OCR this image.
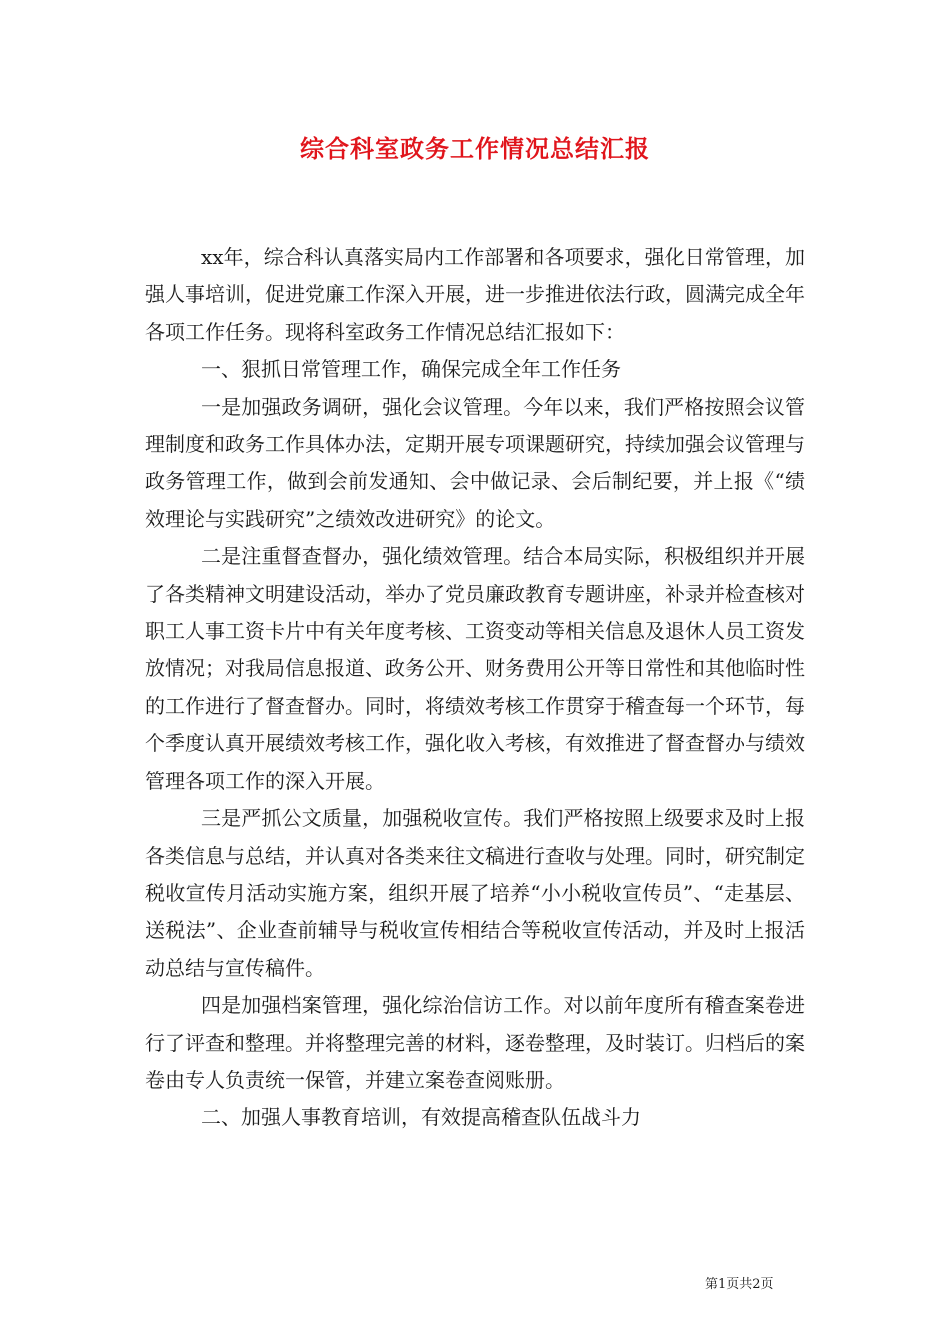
综合科室政务工作情况总结汇报

xx年，综合科认真落实局内工作部署和各项要求，强化日常管理，加强人事培训，促进党廉工作深入开展，进一步推进依法行政，圆满完成全年各项工作任务。现将科室政务工作情况总结汇报如下：

一、狠抓日常管理工作，确保完成全年工作任务

一是加强政务调研，强化会议管理。今年以来，我们严格按照会议管理制度和政务工作具体办法，定期开展专项课题研究，持续加强会议管理与政务管理工作，做到会前发通知、会中做记录、会后制纪要，并上报《“绩效理论与实践研究”之绩效改进研究》的论文。

二是注重督查督办，强化绩效管理。结合本局实际，积极组织并开展了各类精神文明建设活动，举办了党员廉政教育专题讲座，补录并检查核对职工人事工资卡片中有关年度考核、工资变动等相关信息及退休人员工资发放情况；对我局信息报道、政务公开、财务费用公开等日常性和其他临时性的工作进行了督查督办。同时，将绩效考核工作贯穿于稽查每一个环节，每个季度认真开展绩效考核工作，强化收入考核，有效推进了督查督办与绩效管理各项工作的深入开展。

三是严抓公文质量，加强税收宣传。我们严格按照上级要求及时上报各类信息与总结，并认真对各类来往文稿进行查收与处理。同时，研究制定税收宣传月活动实施方案，组织开展了培养“小小税收宣传员”、“走基层、送税法”、企业查前辅导与税收宣传相结合等税收宣传活动，并及时上报活动总结与宣传稿件。

四是加强档案管理，强化综治信访工作。对以前年度所有稽查案卷进行了评查和整理。并将整理完善的材料，逐卷整理，及时装订。归档后的案卷由专人负责统一保管，并建立案卷查阅账册。

二、加强人事教育培训，有效提高稽查队伍战斗力

第1页共2页
